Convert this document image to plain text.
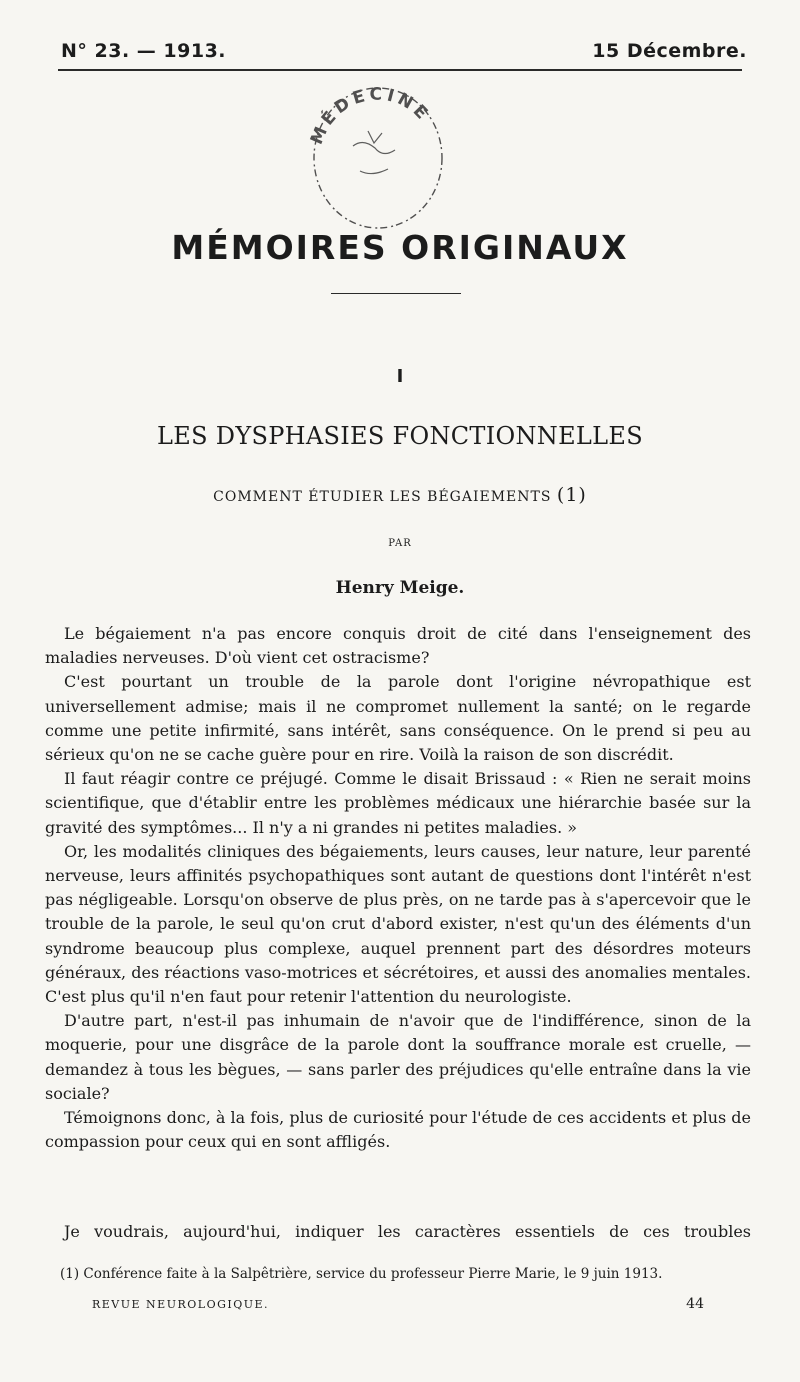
N° 23. — 1913.	15 Décembre.
MÉDECINE
MÉMOIRES ORIGINAUX
I
LES DYSPHASIES FONCTIONNELLES
COMMENT ÉTUDIER LES BÉGAIEMENTS (1)
PAR
Henry Meige.

Le bégaiement n'a pas encore conquis droit de cité dans l'enseignement des maladies nerveuses. D'où vient cet ostracisme?

C'est pourtant un trouble de la parole dont l'origine névropathique est universellement admise; mais il ne compromet nullement la santé; on le regarde comme une petite infirmité, sans intérêt, sans conséquence. On le prend si peu au sérieux qu'on ne se cache guère pour en rire. Voilà la raison de son discrédit.

Il faut réagir contre ce préjugé. Comme le disait Brissaud : « Rien ne serait moins scientifique, que d'établir entre les problèmes médicaux une hiérarchie basée sur la gravité des symptômes... Il n'y a ni grandes ni petites maladies. »

Or, les modalités cliniques des bégaiements, leurs causes, leur nature, leur parenté nerveuse, leurs affinités psychopathiques sont autant de questions dont l'intérêt n'est pas négligeable. Lorsqu'on observe de plus près, on ne tarde pas à s'apercevoir que le trouble de la parole, le seul qu'on crut d'abord exister, n'est qu'un des éléments d'un syndrome beaucoup plus complexe, auquel prennent part des désordres moteurs généraux, des réactions vaso-motrices et sécrétoires, et aussi des anomalies mentales. C'est plus qu'il n'en faut pour retenir l'attention du neurologiste.

D'autre part, n'est-il pas inhumain de n'avoir que de l'indifférence, sinon de la moquerie, pour une disgrâce de la parole dont la souffrance morale est cruelle, — demandez à tous les bègues, — sans parler des préjudices qu'elle entraîne dans la vie sociale?

Témoignons donc, à la fois, plus de curiosité pour l'étude de ces accidents et plus de compassion pour ceux qui en sont affligés.

Je voudrais, aujourd'hui, indiquer les caractères essentiels de ces troubles

(1) Conférence faite à la Salpêtrière, service du professeur Pierre Marie, le 9 juin 1913.
REVUE NEUROLOGIQUE.	44
